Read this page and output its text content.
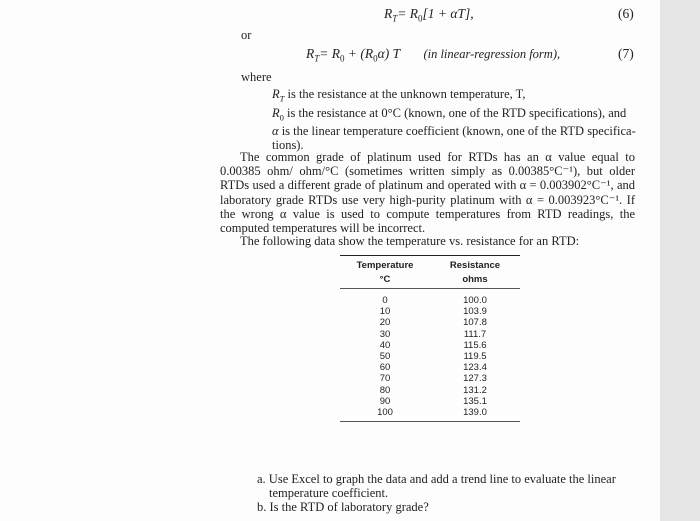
$R_T= R_0[1 + \alpha T]$,	(6)
or
$R_T= R_0 + (R_0\alpha)$ T (in linear-regression form),	(7)
where
$R_T$ is the resistance at the unknown temperature, T,
$R_0$ is the resistance at 0°C (known, one of the RTD specifications), and
α is the linear temperature coefficient (known, one of the RTD specifica-
tions).
The common grade of platinum used for RTDs has an α value equal to 0.00385 ohm/ ohm/°C (sometimes written simply as 0.00385°C⁻¹), but older RTDs used a different grade of platinum and operated with α = 0.003902°C⁻¹, and laboratory grade RTDs use very high-purity platinum with α = 0.003923°C⁻¹. If the wrong α value is used to compute temperatures from RTD readings, the computed temperatures will be incorrect.
The following data show the temperature vs. resistance for an RTD:
Temperature	Resistance
°C	ohms
0	100.0
10	103.9
20	107.8
30	111.7
40	115.6
50	119.5
60	123.4
70	127.3
80	131.2
90	135.1
100	139.0
a. Use Excel to graph the data and add a trend line to evaluate the linear temperature coefficient.
b. Is the RTD of laboratory grade?
